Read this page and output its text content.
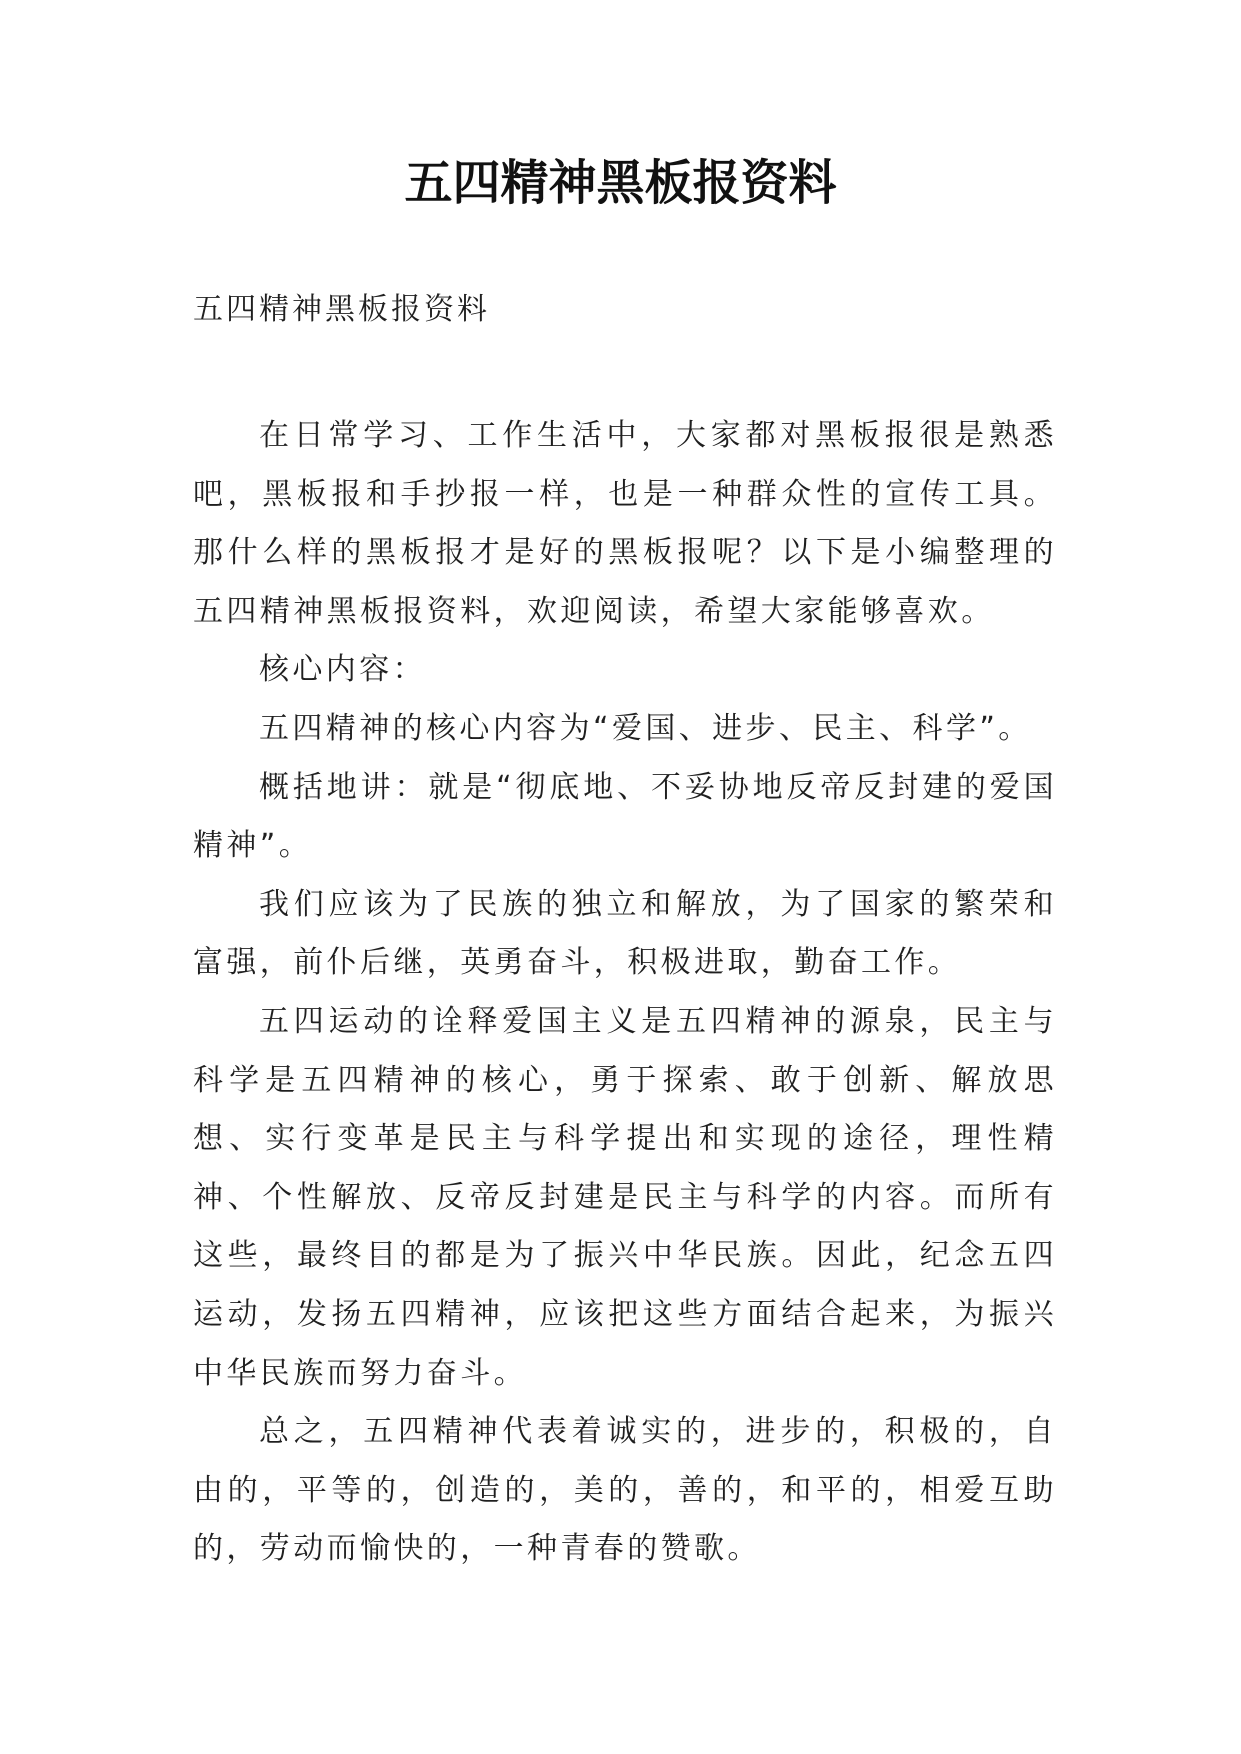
五四精神黑板报资料

五四精神黑板报资料

在日常学习、工作生活中，大家都对黑板报很是熟悉吧，黑板报和手抄报一样，也是一种群众性的宣传工具。那什么样的黑板报才是好的黑板报呢？以下是小编整理的五四精神黑板报资料，欢迎阅读，希望大家能够喜欢。

核心内容：

五四精神的核心内容为“爱国、进步、民主、科学”。

概括地讲：就是“彻底地、不妥协地反帝反封建的爱国精神”。

我们应该为了民族的独立和解放，为了国家的繁荣和富强，前仆后继，英勇奋斗，积极进取，勤奋工作。

五四运动的诠释爱国主义是五四精神的源泉，民主与科学是五四精神的核心，勇于探索、敢于创新、解放思想、实行变革是民主与科学提出和实现的途径，理性精神、个性解放、反帝反封建是民主与科学的内容。而所有这些，最终目的都是为了振兴中华民族。因此，纪念五四运动，发扬五四精神，应该把这些方面结合起来，为振兴中华民族而努力奋斗。

总之，五四精神代表着诚实的，进步的，积极的，自由的，平等的，创造的，美的，善的，和平的，相爱互助的，劳动而愉快的，一种青春的赞歌。
